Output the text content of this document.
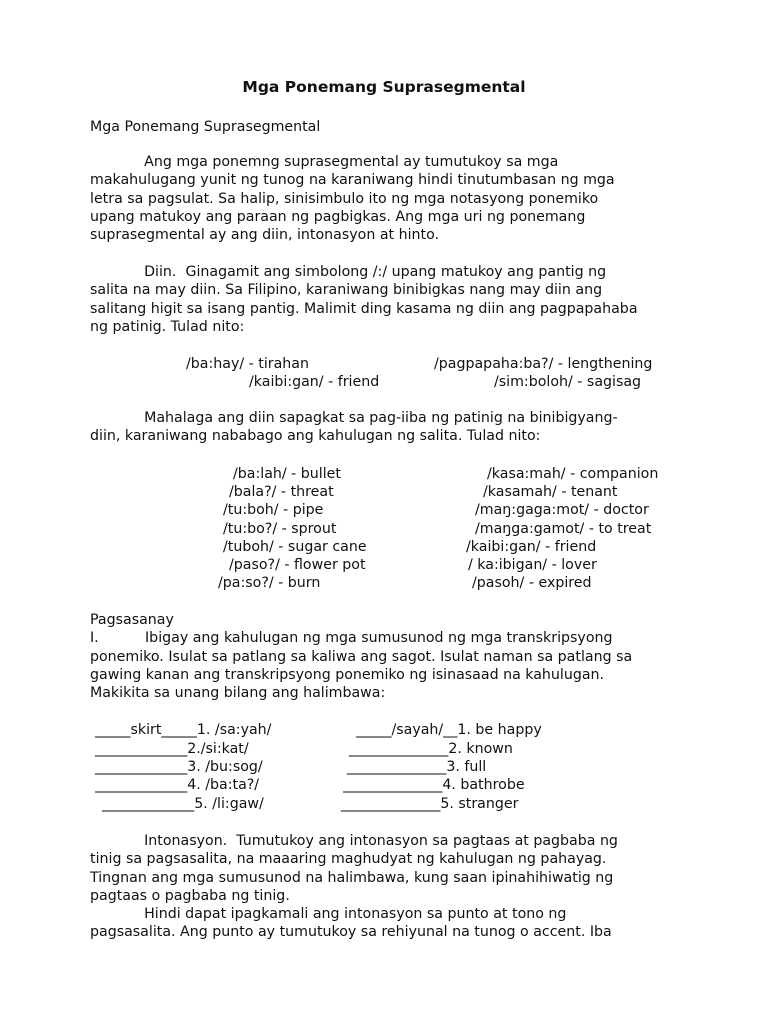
Mga Ponemang Suprasegmental
Mga Ponemang Suprasegmental

Ang mga ponemng suprasegmental ay tumutukoy sa mga

makahulugang yunit ng tunog na karaniwang hindi tinutumbasan ng mga

letra sa pagsulat. Sa halip, sinisimbulo ito ng mga notasyong ponemiko

upang matukoy ang paraan ng pagbigkas. Ang mga uri ng ponemang

suprasegmental ay ang diin, intonasyon at hinto.

Diin.  Ginagamit ang simbolong /:/ upang matukoy ang pantig ng

salita na may diin. Sa Filipino, karaniwang binibigkas nang may diin ang

salitang higit sa isang pantig. Malimit ding kasama ng diin ang pagpapahaba

ng patinig. Tulad nito:

/ba:hay/ - tirahan	/pagpapaha:ba?/ - lengthening
/kaibi:gan/ - friend	/sim:boloh/ - sagisag

Mahalaga ang diin sapagkat sa pag-iiba ng patinig na binibigyang-

diin, karaniwang nababago ang kahulugan ng salita. Tulad nito:

/ba:lah/ - bullet	/kasa:mah/ - companion
/bala?/ - threat	/kasamah/ - tenant
/tu:boh/ - pipe	/maŋ:gaga:mot/ - doctor
/tu:bo?/ - sprout	/maŋga:gamot/ - to treat
/tuboh/ - sugar cane	/kaibi:gan/ - friend
/paso?/ - flower pot	/ ka:ibigan/ - lover
/pa:so?/ - burn	/pasoh/ - expired
Pagsasanay
I.	Ibigay ang kahulugan ng mga sumusunod ng mga transkripsyong
ponemiko. Isulat sa patlang sa kaliwa ang sagot. Isulat naman sa patlang sa
gawing kanan ang transkripsyong ponemiko ng isinasaad na kahulugan.
Makikita sa unang bilang ang halimbawa:
_____skirt_____1. /sa:yah/	_____/sayah/__1. be happy
_____________2./si:kat/	______________2. known
_____________3. /bu:sog/	______________3. full
_____________4. /ba:ta?/	______________4. bathrobe
_____________5. /li:gaw/	______________5. stranger

Intonasyon.  Tumutukoy ang intonasyon sa pagtaas at pagbaba ng

tinig sa pagsasalita, na maaaring maghudyat ng kahulugan ng pahayag.

Tingnan ang mga sumusunod na halimbawa, kung saan ipinahihiwatig ng

pagtaas o pagbaba ng tinig.

Hindi dapat ipagkamali ang intonasyon sa punto at tono ng

pagsasalita. Ang punto ay tumutukoy sa rehiyunal na tunog o accent. Iba
